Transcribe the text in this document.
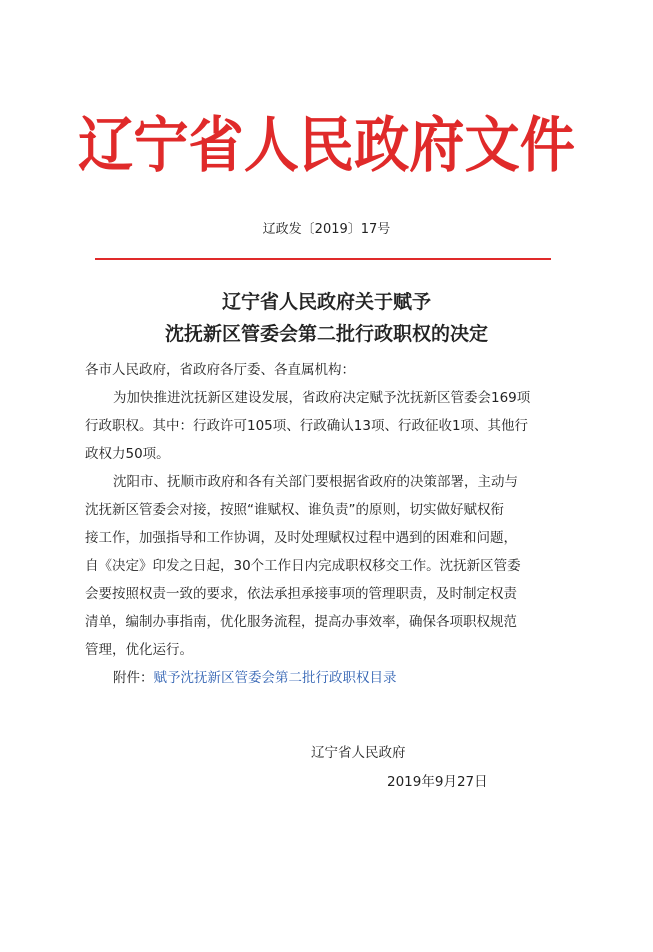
辽宁省人民政府文件
辽政发〔2019〕17号
辽宁省人民政府关于赋予
沈抚新区管委会第二批行政职权的决定
各市人民政府，省政府各厅委、各直属机构：
为加快推进沈抚新区建设发展，省政府决定赋予沈抚新区管委会169项
行政职权。其中：行政许可105项、行政确认13项、行政征收1项、其他行
政权力50项。
沈阳市、抚顺市政府和各有关部门要根据省政府的决策部署，主动与
沈抚新区管委会对接，按照“谁赋权、谁负责”的原则，切实做好赋权衔
接工作，加强指导和工作协调，及时处理赋权过程中遇到的困难和问题，
自《决定》印发之日起，30个工作日内完成职权移交工作。沈抚新区管委
会要按照权责一致的要求，依法承担承接事项的管理职责，及时制定权责
清单，编制办事指南，优化服务流程，提高办事效率，确保各项职权规范
管理，优化运行。
附件：赋予沈抚新区管委会第二批行政职权目录
辽宁省人民政府
2019年9月27日
